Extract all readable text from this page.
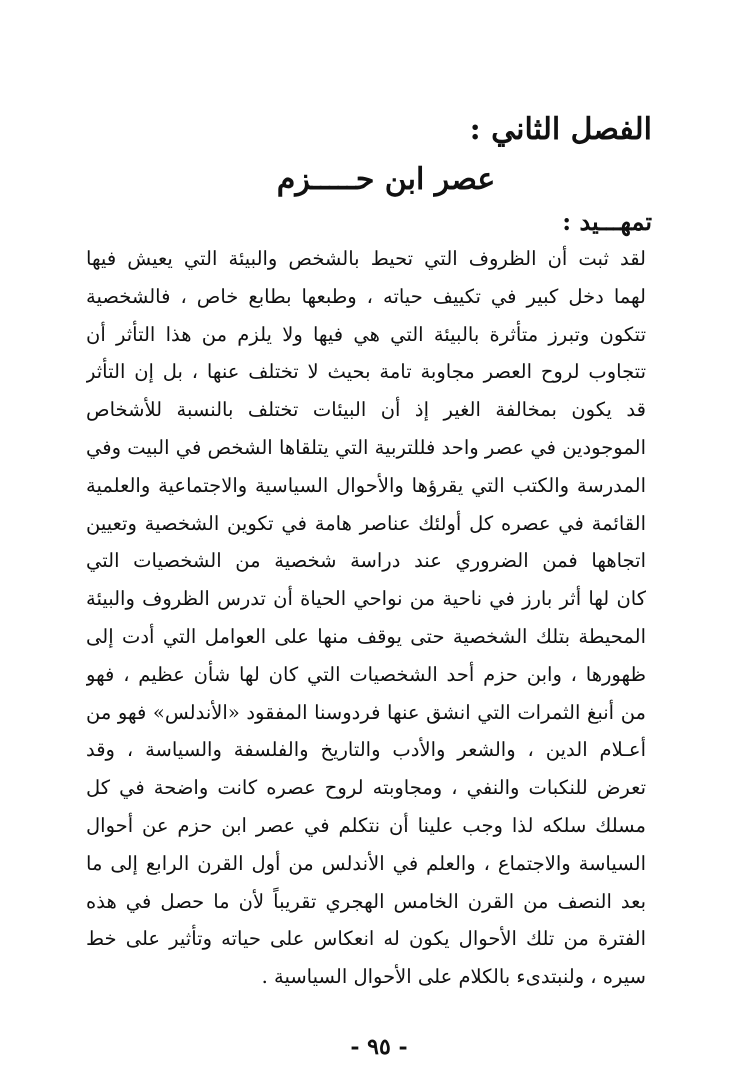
الفصل الثاني :
عصر ابن حـــــزم
تمهـــيد :
لقد ثبت أن الظروف التي تحيط بالشخص والبيئة التي يعيش فيها
لهما دخل كبير في تكييف حياته ، وطبعها بطابع خاص ، فالشخصية
تتكون وتبرز متأثرة بالبيئة التي هي فيها ولا يلزم من هذا التأثر أن
تتجاوب لروح العصر مجاوبة تامة بحيث لا تختلف عنها ، بل إن التأثر
قد يكون بمخالفة الغير إذ أن البيئات تختلف بالنسبة للأشخاص
الموجودين في عصر واحد فللتربية التي يتلقاها الشخص في البيت وفي
المدرسة والكتب التي يقرؤها والأحوال السياسية والاجتماعية والعلمية
القائمة في عصره كل أولئك عناصر هامة في تكوين الشخصية وتعيين
اتجاهها فمن الضروري عند دراسة شخصية من الشخصيات التي
كان لها أثر بارز في ناحية من نواحي الحياة أن تدرس الظروف والبيئة
المحيطة بتلك الشخصية حتى يوقف منها على العوامل التي أدت إلى
ظهورها ، وابن حزم أحد الشخصيات التي كان لها شأن عظيم ، فهو
من أنبغ الثمرات التي انشق عنها فردوسنا المفقود «الأندلس» فهو من
أعـلام الدين ، والشعر والأدب والتاريخ والفلسفة والسياسة ، وقد
تعرض للنكبات والنفي ، ومجاوبته لروح عصره كانت واضحة في كل
مسلك سلكه لذا وجب علينا أن نتكلم في عصر ابن حزم عن أحوال
السياسة والاجتماع ، والعلم في الأندلس من أول القرن الرابع إلى ما
بعد النصف من القرن الخامس الهجري تقريباً لأن ما حصل في هذه
الفترة من تلك الأحوال يكون له انعكاس على حياته وتأثير على خط
سيره ، ولنبتدىء بالكلام على الأحوال السياسية .
- ٩٥ -
